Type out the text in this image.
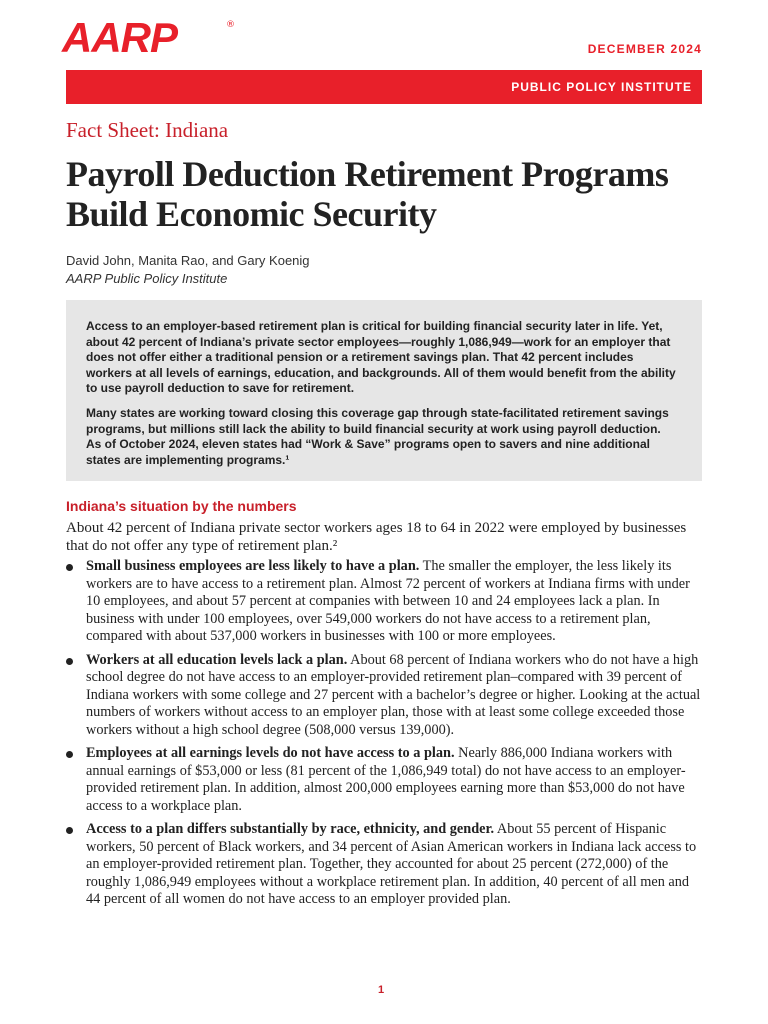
AARP	®
DECEMBER 2024
PUBLIC POLICY INSTITUTE
Fact Sheet: Indiana
Payroll Deduction Retirement Programs Build Economic Security
David John, Manita Rao, and Gary Koenig
AARP Public Policy Institute

Access to an employer-based retirement plan is critical for building financial security later in life. Yet, about 42 percent of Indiana’s private sector employees—roughly 1,086,949—work for an employer that does not offer either a traditional pension or a retirement savings plan. That 42 percent includes workers at all levels of earnings, education, and backgrounds. All of them would benefit from the ability to use payroll deduction to save for retirement.

Many states are working toward closing this coverage gap through state-facilitated retirement savings programs, but millions still lack the ability to build financial security at work using payroll deduction. As of October 2024, eleven states had “Work & Save” programs open to savers and nine additional states are implementing programs.¹

Indiana’s situation by the numbers

About 42 percent of Indiana private sector workers ages 18 to 64 in 2022 were employed by businesses that do not offer any type of retirement plan.²

Small business employees are less likely to have a plan. The smaller the employer, the less likely its workers are to have access to a retirement plan. Almost 72 percent of workers at Indiana firms with under 10 employees, and about 57 percent at companies with between 10 and 24 employees lack a plan. In business with under 100 employees, over 549,000 workers do not have access to a retirement plan, compared with about 537,000 workers in businesses with 100 or more employees.
Workers at all education levels lack a plan. About 68 percent of Indiana workers who do not have a high school degree do not have access to an employer-provided retirement plan–compared with 39 percent of Indiana workers with some college and 27 percent with a bachelor’s degree or higher. Looking at the actual numbers of workers without access to an employer plan, those with at least some college exceeded those workers without a high school degree (508,000 versus 139,000).
Employees at all earnings levels do not have access to a plan. Nearly 886,000 Indiana workers with annual earnings of $53,000 or less (81 percent of the 1,086,949 total) do not have access to an employer-provided retirement plan. In addition, almost 200,000 employees earning more than $53,000 do not have access to a workplace plan.
Access to a plan differs substantially by race, ethnicity, and gender. About 55 percent of Hispanic workers, 50 percent of Black workers, and 34 percent of Asian American workers in Indiana lack access to an employer-provided retirement plan. Together, they accounted for about 25 percent (272,000) of the roughly 1,086,949 employees without a workplace retirement plan. In addition, 40 percent of all men and 44 percent of all women do not have access to an employer provided plan.
1
